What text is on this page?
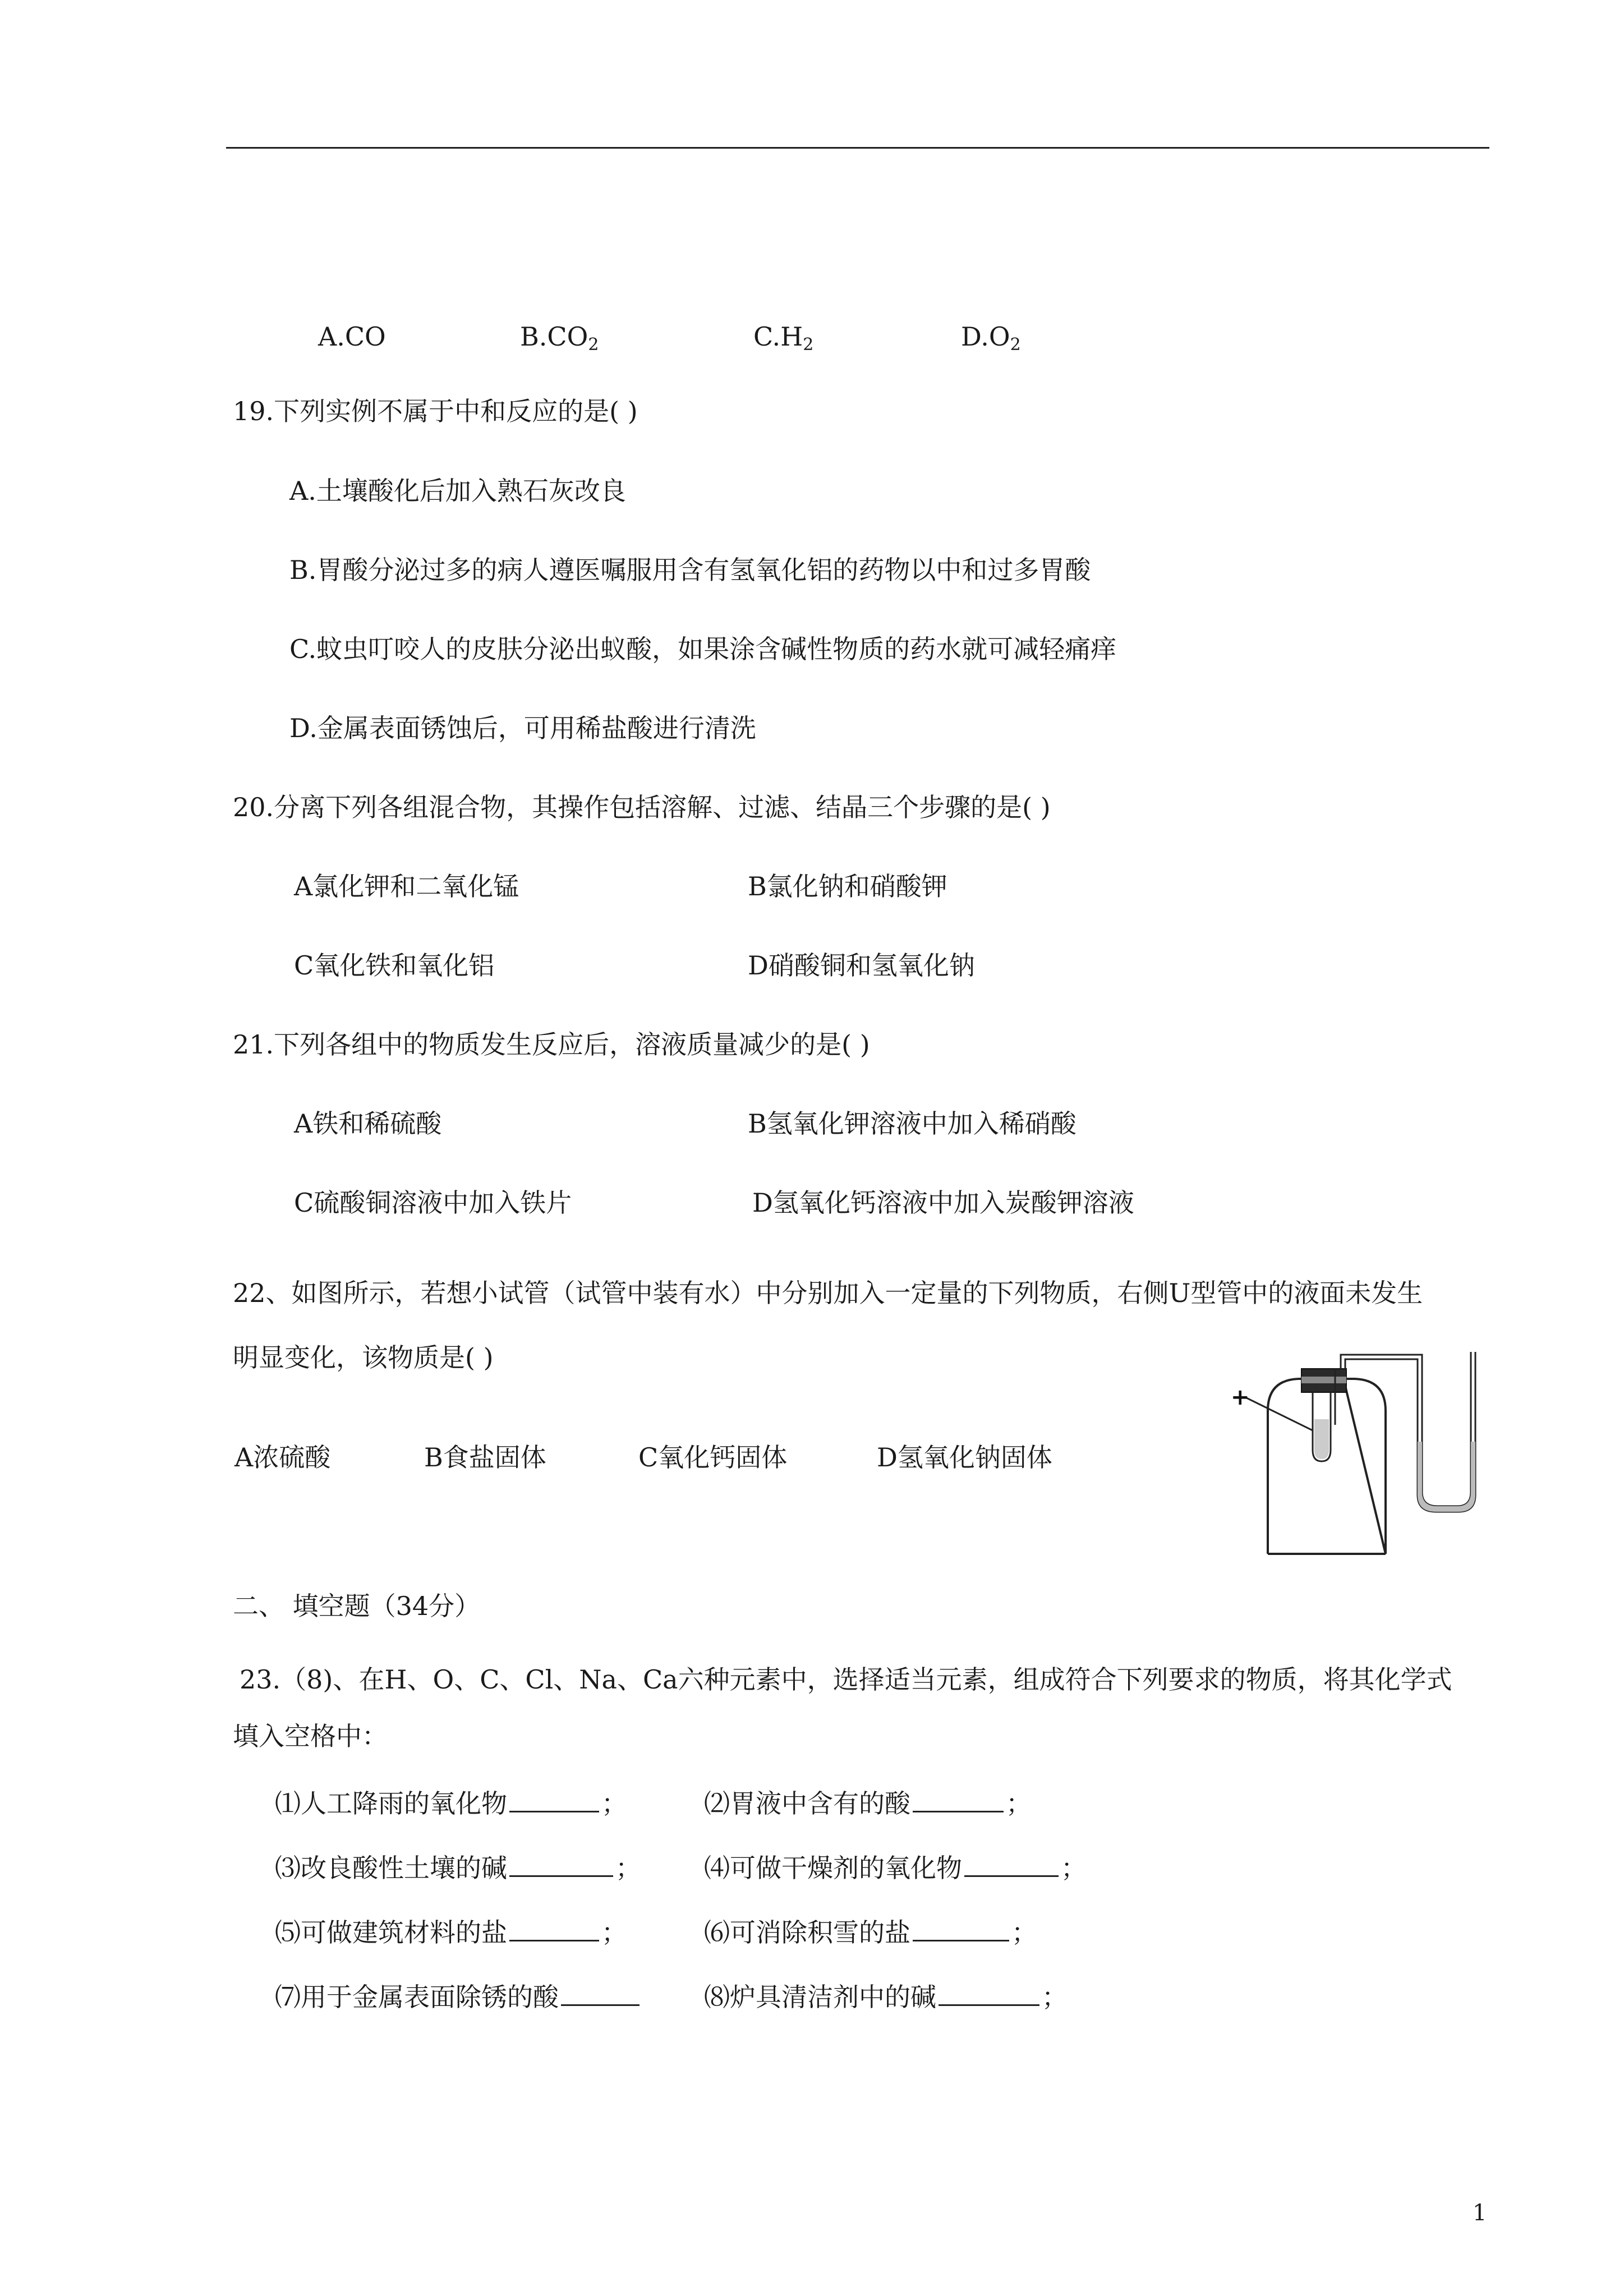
A.CO	$B.CO_2$	$C.H_2$	$D.O_2$
19.下列实例不属于中和反应的是( )
A.土壤酸化后加入熟石灰改良
B.胃酸分泌过多的病人遵医嘱服用含有氢氧化铝的药物以中和过多胃酸
C.蚊虫叮咬人的皮肤分泌出蚁酸，如果涂含碱性物质的药水就可减轻痛痒
D.金属表面锈蚀后，可用稀盐酸进行清洗
20.分离下列各组混合物，其操作包括溶解、过滤、结晶三个步骤的是( )
A氯化钾和二氧化锰	B氯化钠和硝酸钾
C氧化铁和氧化铝	D硝酸铜和氢氧化钠
21.下列各组中的物质发生反应后，溶液质量减少的是( )
A铁和稀硫酸	B氢氧化钾溶液中加入稀硝酸
C硫酸铜溶液中加入铁片	D氢氧化钙溶液中加入炭酸钾溶液
22、如图所示，若想小试管（试管中装有水）中分别加入一定量的下列物质，右侧U型管中的液面未发生
明显变化，该物质是( )
A浓硫酸	B食盐固体	C氧化钙固体	D氢氧化钠固体
+
二、 填空题（34分）
23.（8)、在H、O、C、Cl、Na、Ca六种元素中，选择适当元素，组成符合下列要求的物质，将其化学式
填入空格中：
⑴人工降雨的氧化物	；	⑵胃液中含有的酸	；
⑶改良酸性土壤的碱	； ⑷可做干燥剂的氧化物	；
⑸可做建筑材料的盐	；	⑹可消除积雪的盐	；
⑺用于金属表面除锈的酸	⑻炉具清洁剂中的碱	；
1
